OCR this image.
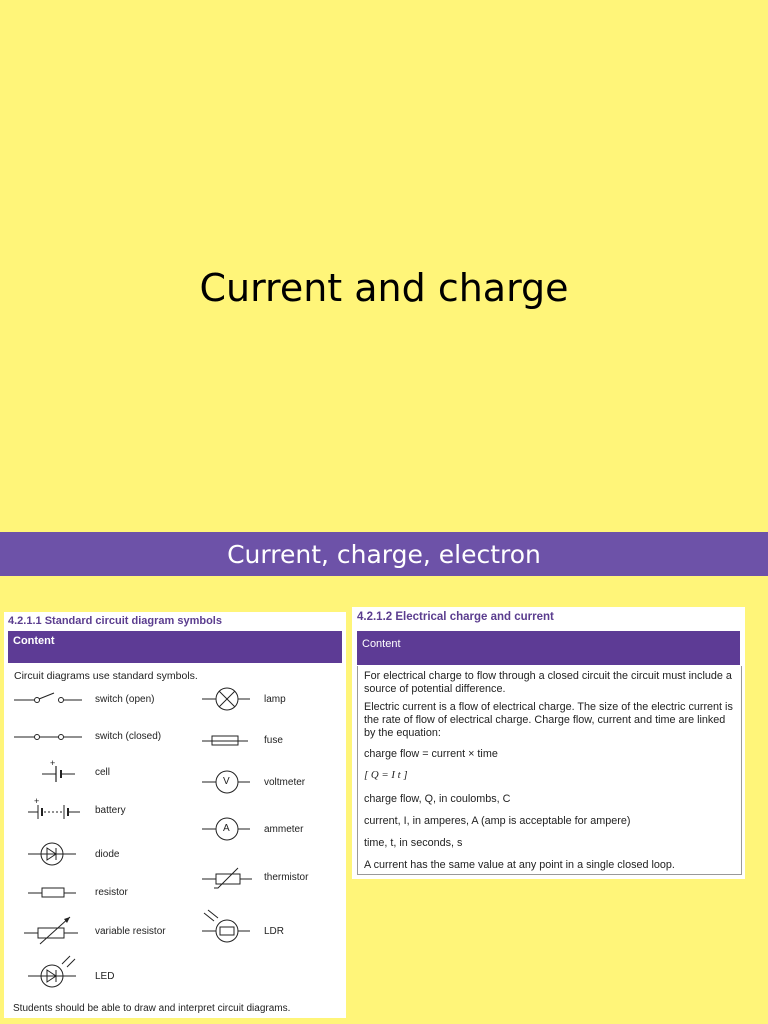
Current and charge
Current, charge, electron
4.2.1.1 Standard circuit diagram symbols
Content
Circuit diagrams use standard symbols.
switch (open)
switch (closed)
+
cell
+
battery
diode
resistor
variable resistor
LED
lamp
fuse
V	voltmeter
A	ammeter
thermistor
LDR
Students should be able to draw and interpret circuit diagrams.
4.2.1.2 Electrical charge and current
Content
For electrical charge to flow through a closed circuit the circuit must include a source of potential difference.
Electric current is a flow of electrical charge. The size of the electric current is the rate of flow of electrical charge. Charge flow, current and time are linked by the equation:
charge flow = current × time
[ Q = I t ]
charge flow, Q, in coulombs, C
current, I, in amperes, A (amp is acceptable for ampere)
time, t, in seconds, s
A current has the same value at any point in a single closed loop.
